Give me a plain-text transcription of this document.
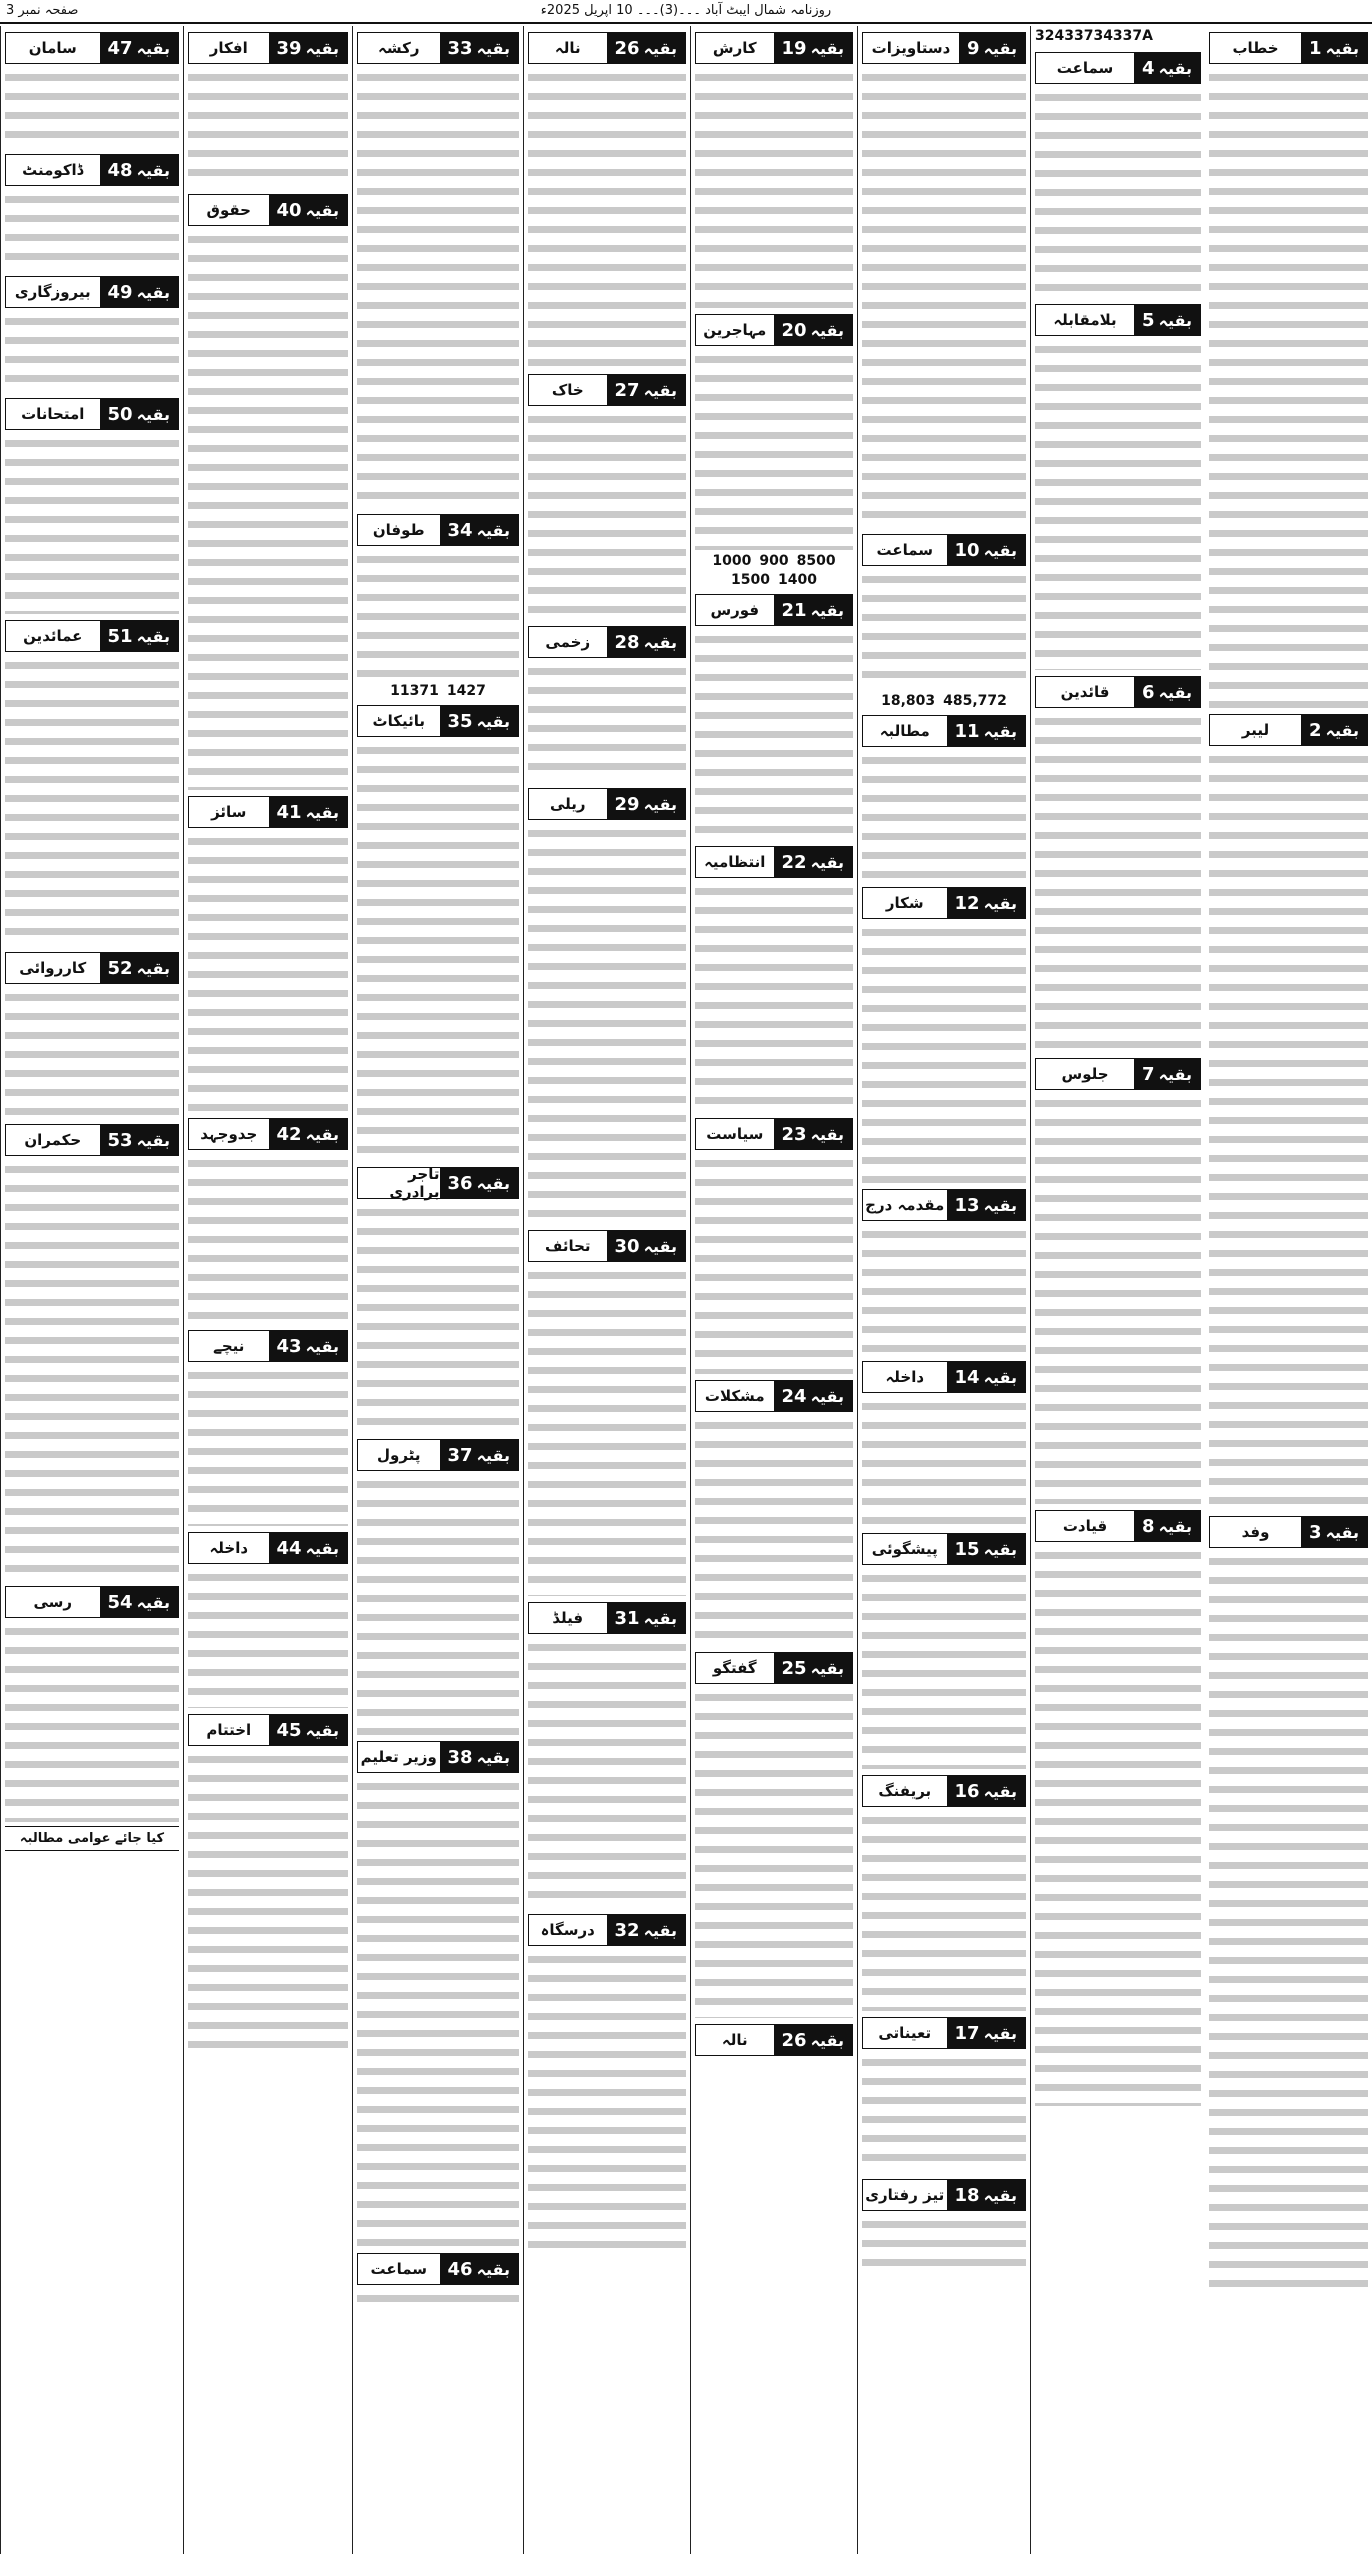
صفحہ نمبر 3	روزنامہ شمال ایبٹ آباد ۔۔۔(3)۔۔۔ 10 اپریل 2025ء
بقیہ
1
خطاب
بقیہ
2
لیبر
بقیہ
3
وفد
32433734337A
بقیہ
4
سماعت
بقیہ
5
بلامقابلہ
بقیہ
6
قائدین
بقیہ
7
جلوس
بقیہ
8
قیادت
بقیہ
9
دستاویزات
بقیہ
10
سماعت
485,77218,803
بقیہ
11
مطالبہ
بقیہ
12
شکار
بقیہ
13
مقدمہ درج
بقیہ
14
داخلہ
بقیہ
15
پیشگوئی
بقیہ
16
بریفنگ
بقیہ
17
تعیناتی
بقیہ
18
تیز رفتاری
بقیہ
19
کارش
بقیہ
20
مہاجرین
8500900100014001500
بقیہ
21
فورس
بقیہ
22
انتظامیہ
بقیہ
23
سیاست
بقیہ
24
مشکلات
بقیہ
25
گفتگو
بقیہ
26
نالہ
بقیہ
26
نالہ
بقیہ
27
خاک
بقیہ
28
زخمی
بقیہ
29
ریلی
بقیہ
30
تحائف
بقیہ
31
فیلڈ
بقیہ
32
درسگاہ
بقیہ
33
رکشہ
بقیہ
34
طوفان
142711371
بقیہ
35
بائیکاٹ
بقیہ
36
تاجر برادری
بقیہ
37
پٹرول
بقیہ
38
وزیر تعلیم
بقیہ
46
سماعت
بقیہ
39
افکار
بقیہ
40
حقوق
بقیہ
41
سائز
بقیہ
42
جدوجہد
بقیہ
43
نیچے
بقیہ
44
داخلہ
بقیہ
45
اختتام
بقیہ
47
سامان
بقیہ
48
ڈاکومنٹ
بقیہ
49
بیروزگاری
بقیہ
50
امتحانات
بقیہ
51
عمائدین
بقیہ
52
کارروائی
بقیہ
53
حکمران
بقیہ
54
رسی
کیا جائے عوامی مطالبہ
